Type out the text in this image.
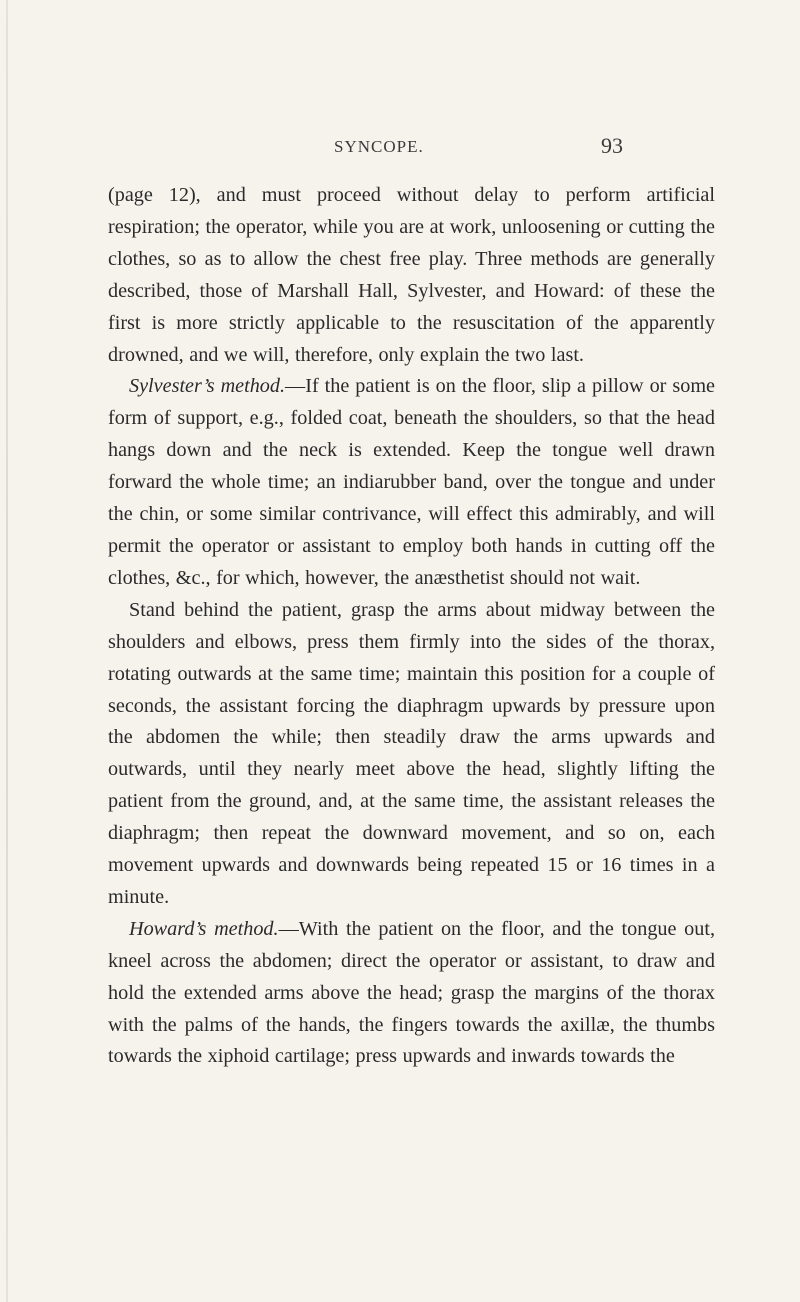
SYNCOPE.	93

(page 12), and must proceed without delay to perform artificial respiration; the operator, while you are at work, unloosening or cutting the clothes, so as to allow the chest free play. Three methods are generally described, those of Marshall Hall, Sylvester, and Howard: of these the first is more strictly applicable to the resuscitation of the apparently drowned, and we will, therefore, only explain the two last.

Sylvester’s method.—If the patient is on the floor, slip a pillow or some form of support, e.g., folded coat, beneath the shoulders, so that the head hangs down and the neck is extended. Keep the tongue well drawn forward the whole time; an indiarubber band, over the tongue and under the chin, or some similar contrivance, will effect this admirably, and will permit the operator or assistant to employ both hands in cutting off the clothes, &c., for which, however, the anæsthetist should not wait.

Stand behind the patient, grasp the arms about midway between the shoulders and elbows, press them firmly into the sides of the thorax, rotating outwards at the same time; maintain this position for a couple of seconds, the assistant forcing the diaphragm upwards by pressure upon the abdomen the while; then steadily draw the arms upwards and outwards, until they nearly meet above the head, slightly lifting the patient from the ground, and, at the same time, the assistant releases the diaphragm; then repeat the downward movement, and so on, each movement upwards and downwards being repeated 15 or 16 times in a minute.

Howard’s method.—With the patient on the floor, and the tongue out, kneel across the abdomen; direct the operator or assistant, to draw and hold the extended arms above the head; grasp the margins of the thorax with the palms of the hands, the fingers towards the axillæ, the thumbs towards the xiphoid cartilage; press upwards and inwards towards the
